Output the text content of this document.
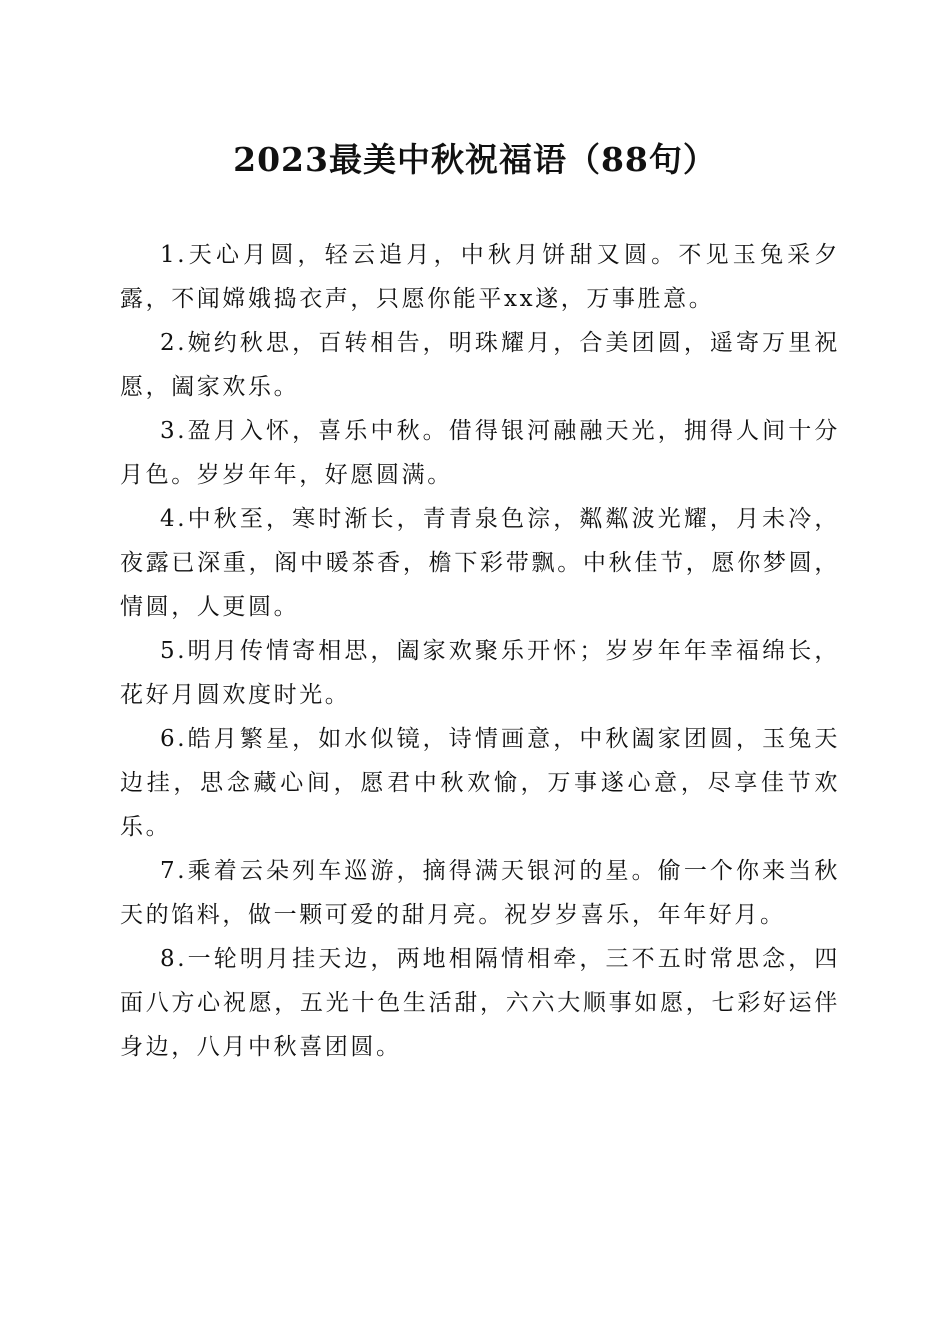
2023最美中秋祝福语（88句）

1.天心月圆，轻云追月，中秋月饼甜又圆。不见玉兔采夕露，不闻嫦娥捣衣声，只愿你能平xx遂，万事胜意。

2.婉约秋思，百转相告，明珠耀月，合美团圆，遥寄万里祝愿，阖家欢乐。

3.盈月入怀，喜乐中秋。借得银河融融天光，拥得人间十分月色。岁岁年年，好愿圆满。

4.中秋至，寒时渐长，青青泉色淙，粼粼波光耀，月未冷，夜露已深重，阁中暖茶香，檐下彩带飘。中秋佳节，愿你梦圆，情圆，人更圆。

5.明月传情寄相思，阖家欢聚乐开怀；岁岁年年幸福绵长，花好月圆欢度时光。

6.皓月繁星，如水似镜，诗情画意，中秋阖家团圆，玉兔天边挂，思念藏心间，愿君中秋欢愉，万事遂心意，尽享佳节欢乐。

7.乘着云朵列车巡游，摘得满天银河的星。偷一个你来当秋天的馅料，做一颗可爱的甜月亮。祝岁岁喜乐，年年好月。

8.一轮明月挂天边，两地相隔情相牵，三不五时常思念，四面八方心祝愿，五光十色生活甜，六六大顺事如愿，七彩好运伴身边，八月中秋喜团圆。
